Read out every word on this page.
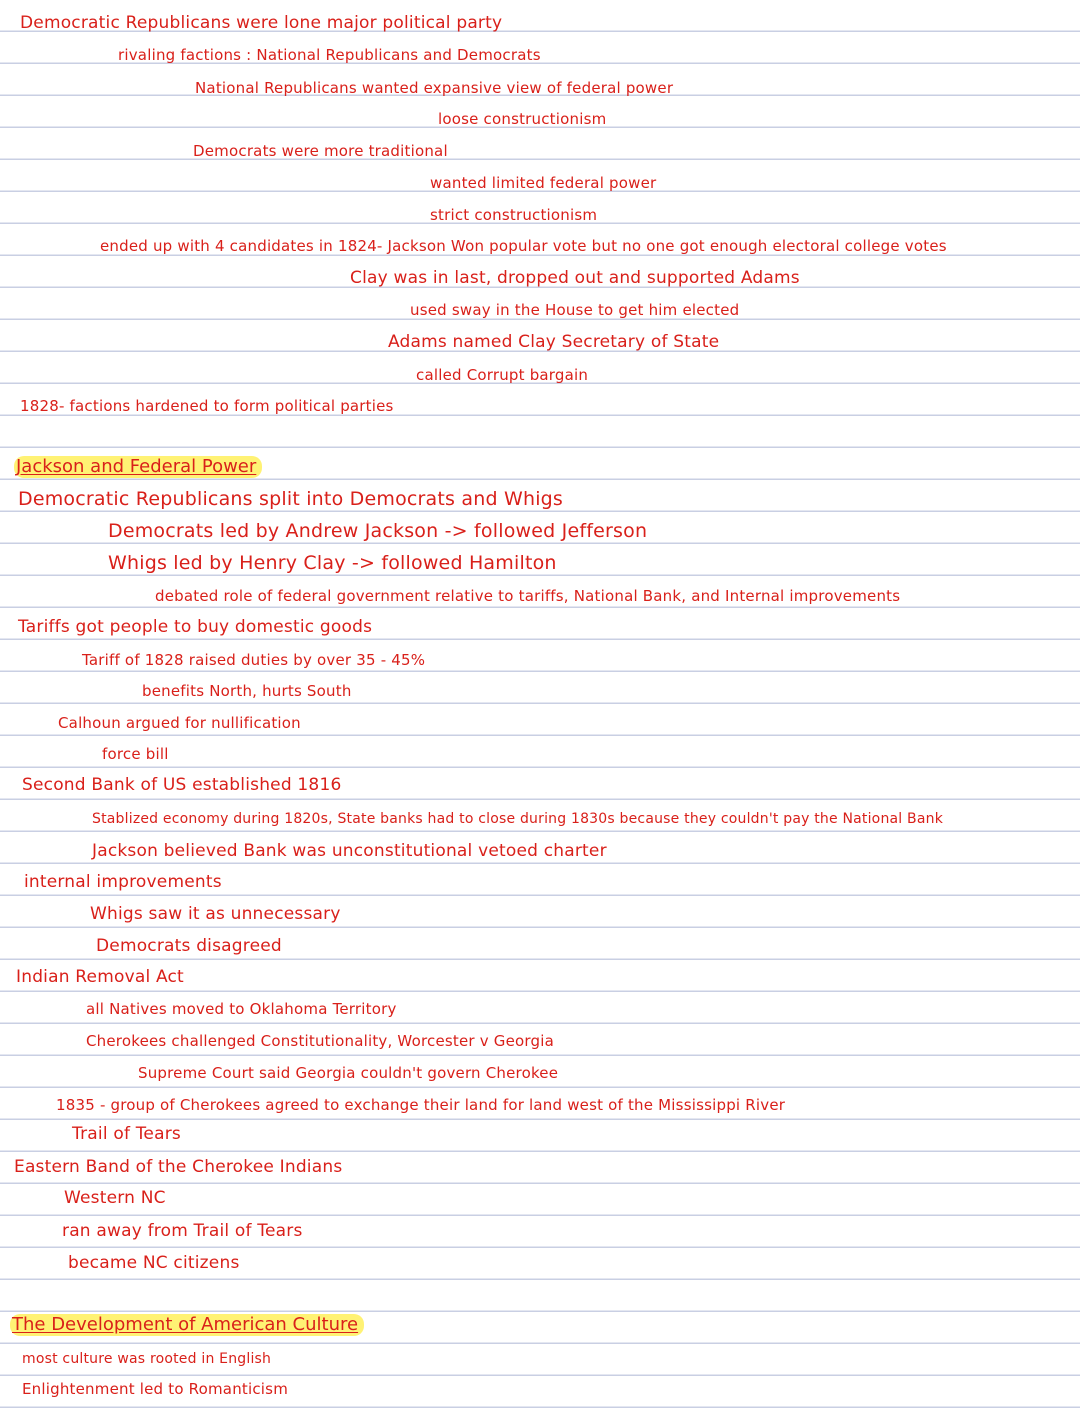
Democratic Republicans were lone major political party
rivaling factions : National Republicans and Democrats
National Republicans wanted expansive view of federal power
loose constructionism
Democrats were more traditional
wanted limited federal power
strict constructionism
ended up with 4 candidates in 1824- Jackson Won popular vote but no one got enough electoral college votes
Clay was in last, dropped out and supported Adams
used sway in the House to get him elected
Adams named Clay Secretary of State
called Corrupt bargain
1828- factions hardened to form political parties
Jackson and Federal Power
Democratic Republicans split into Democrats and Whigs
Democrats led by Andrew Jackson -> followed Jefferson
Whigs led by Henry Clay -> followed Hamilton
debated role of federal government relative to tariffs, National Bank, and Internal improvements
Tariffs got people to buy domestic goods
Tariff of 1828 raised duties by over 35 - 45%
benefits North, hurts South
Calhoun argued for nullification
force bill
Second Bank of US established 1816
Stablized economy during 1820s, State banks had to close during 1830s because they couldn't pay the National Bank
Jackson believed Bank was unconstitutional vetoed charter
internal improvements
Whigs saw it as unnecessary
Democrats disagreed
Indian Removal Act
all Natives moved to Oklahoma Territory
Cherokees challenged Constitutionality, Worcester v Georgia
Supreme Court said Georgia couldn't govern Cherokee
1835 - group of Cherokees agreed to exchange their land for land west of the Mississippi River
Trail of Tears
Eastern Band of the Cherokee Indians
Western NC
ran away from Trail of Tears
became NC citizens
The Development of American Culture
most culture was rooted in English
Enlightenment led to Romanticism
